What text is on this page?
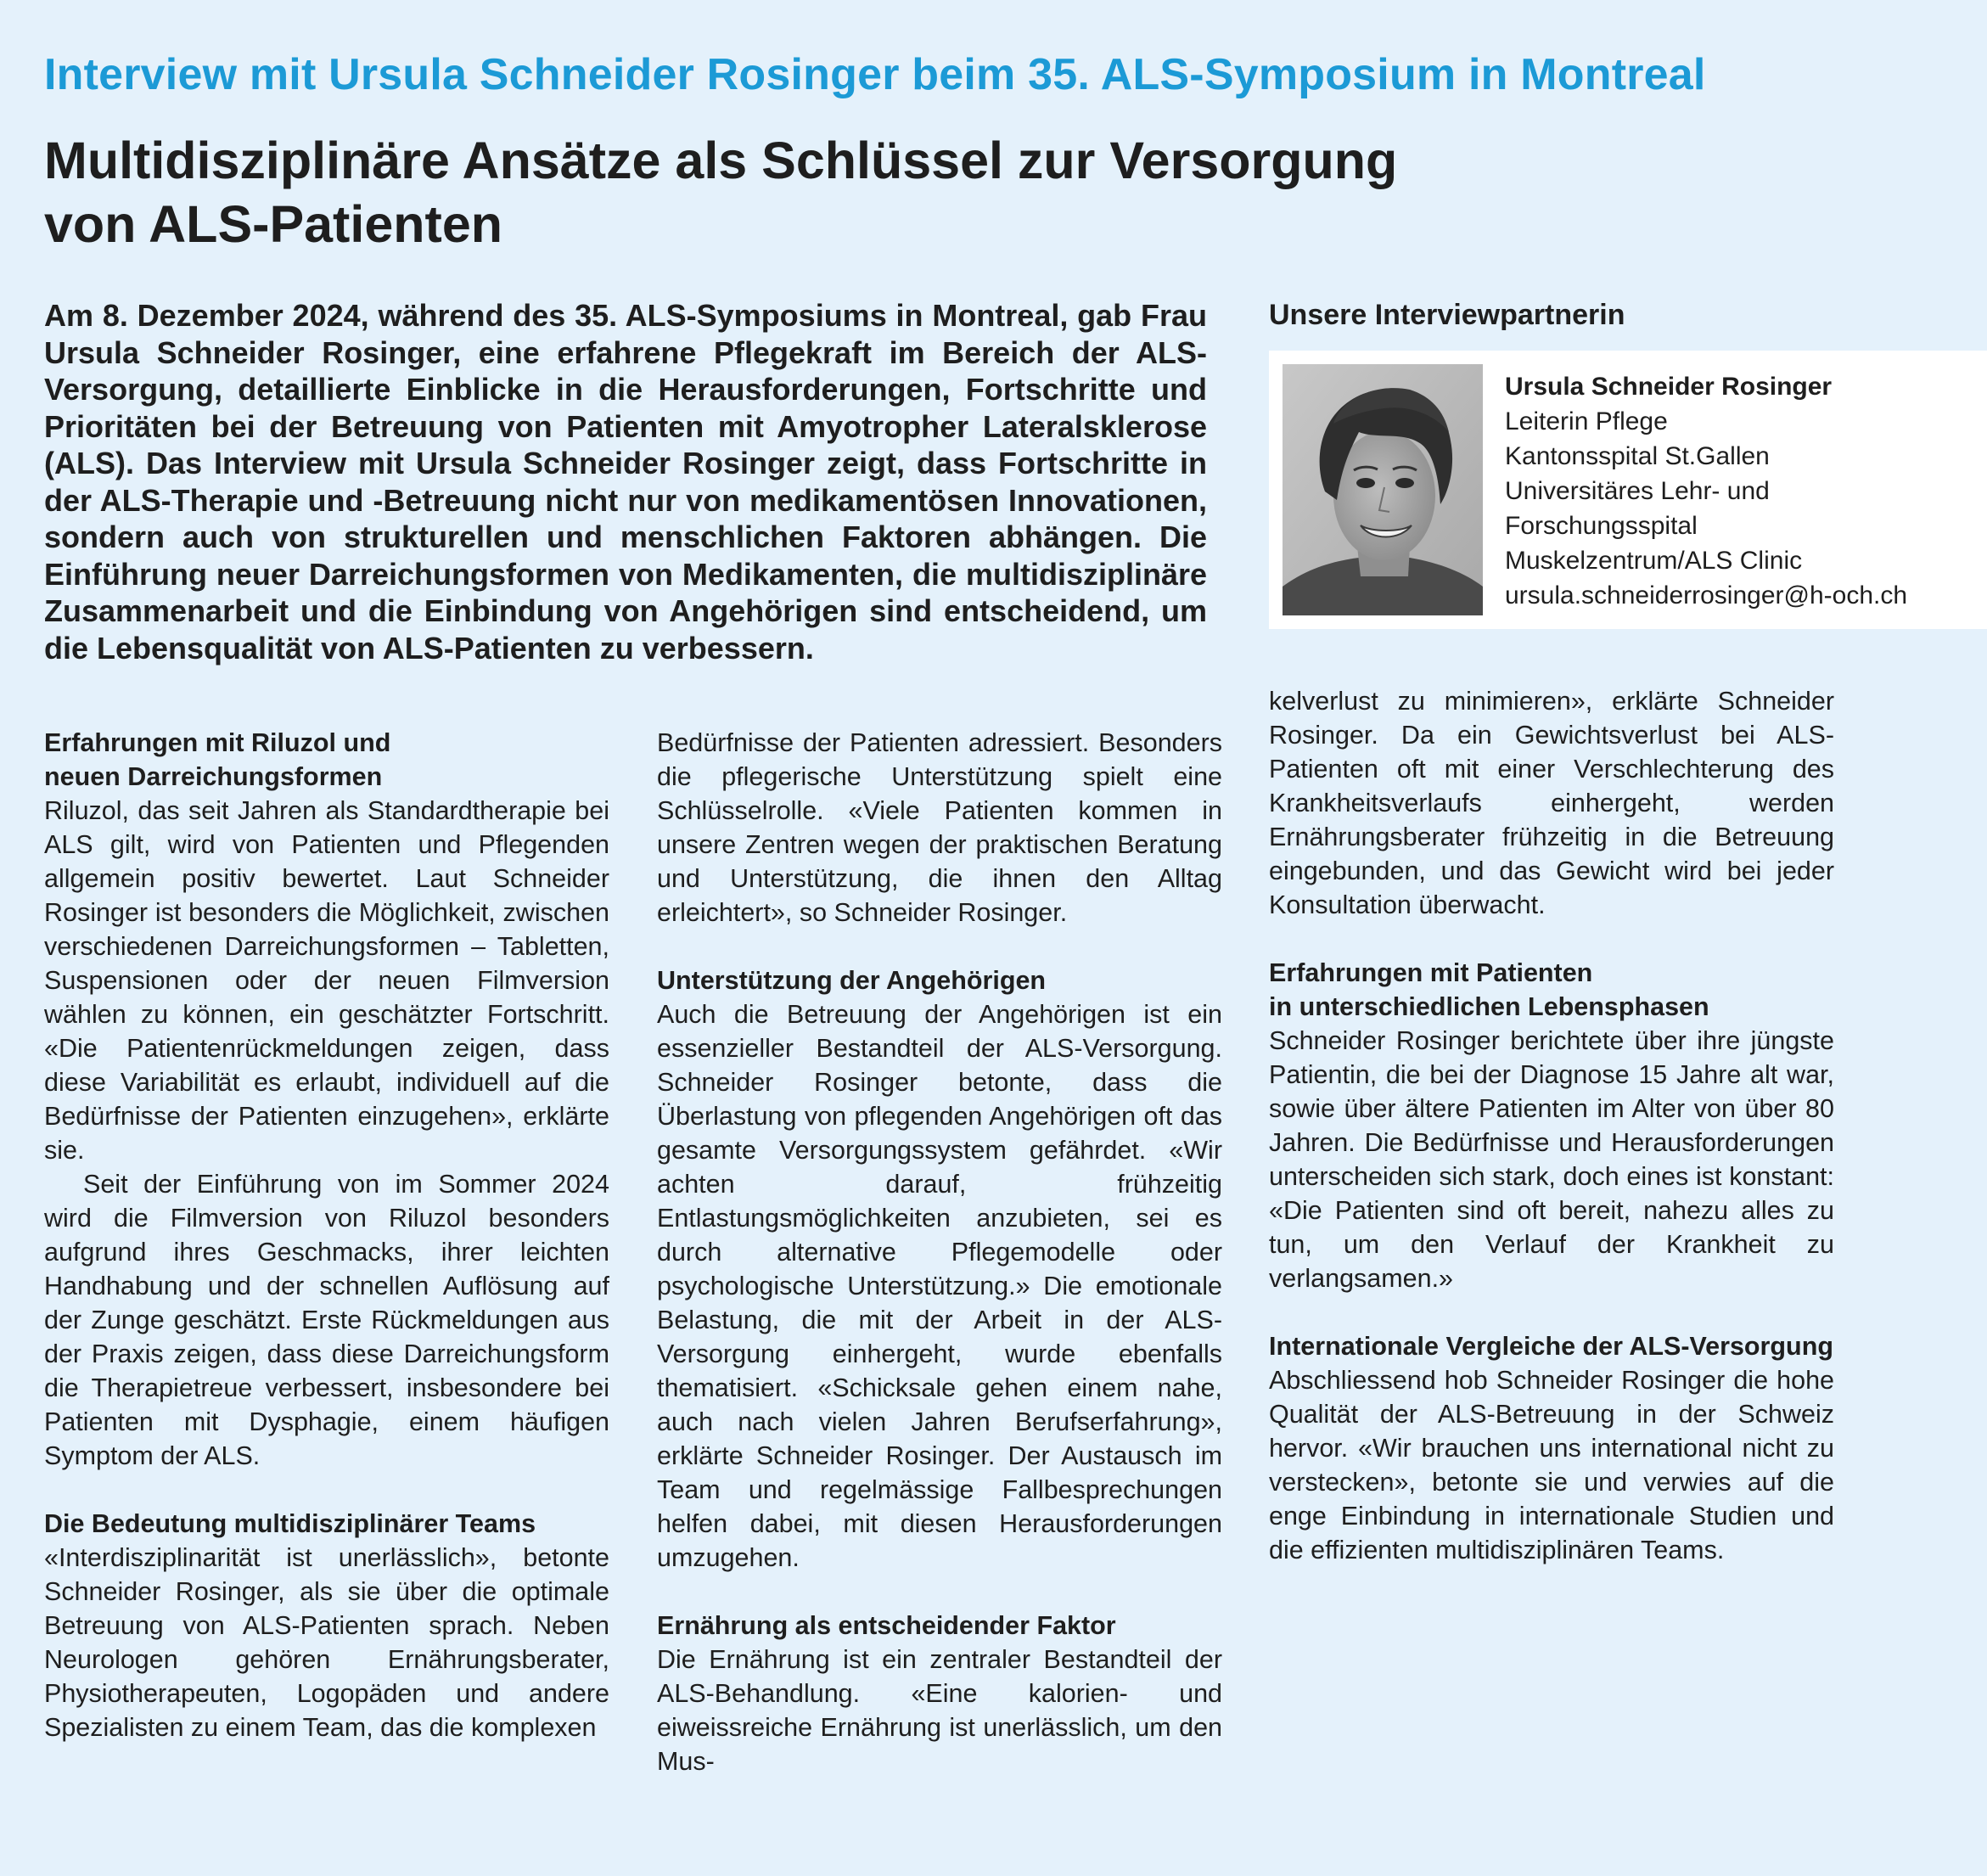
Interview mit Ursula Schneider Rosinger beim 35. ALS-Symposium in Montreal
Multidisziplinäre Ansätze als Schlüssel zur Versorgung
von ALS-Patienten

Am 8. Dezember 2024, während des 35. ALS-Symposiums in Montreal, gab Frau Ursula Schneider Rosinger, eine erfahrene Pflegekraft im Bereich der ALS-Versorgung, detaillierte Einblicke in die Herausforderungen, Fortschritte und Prioritäten bei der Betreuung von Patienten mit Amyotropher Lateralsklerose (ALS). Das Interview mit Ursula Schneider Rosinger zeigt, dass Fortschritte in der ALS-Therapie und -Betreuung nicht nur von medikamentösen Innovationen, sondern auch von strukturellen und menschlichen Faktoren abhängen. Die Einführung neuer Darreichungsformen von Medikamenten, die multidisziplinäre Zusammenarbeit und die Einbindung von Angehörigen sind entscheidend, um die Lebensqualität von ALS-Patienten zu verbessern.

Unsere Interviewpartnerin
Ursula Schneider Rosinger
Leiterin Pflege
Kantonsspital St.Gallen
Universitäres Lehr- und
Forschungsspital
Muskelzentrum/ALS Clinic
ursula.schneiderrosinger@h-och.ch
Erfahrungen mit Riluzol und
neuen Darreichungsformen

Riluzol, das seit Jahren als Standardtherapie bei ALS gilt, wird von Patienten und Pflegenden allgemein positiv bewertet. Laut Schneider Rosinger ist besonders die Möglichkeit, zwischen verschiedenen Darreichungsformen – Tabletten, Suspensionen oder der neuen Filmversion wählen zu können, ein geschätzter Fortschritt. «Die Patientenrückmeldungen zeigen, dass diese Variabilität es erlaubt, individuell auf die Bedürfnisse der Patienten einzugehen», erklärte sie.

Seit der Einführung von im Sommer 2024 wird die Filmversion von Riluzol besonders aufgrund ihres Geschmacks, ihrer leichten Handhabung und der schnellen Auflösung auf der Zunge geschätzt. Erste Rückmeldungen aus der Praxis zeigen, dass diese Darreichungsform die Therapietreue verbessert, insbesondere bei Patienten mit Dysphagie, einem häufigen Symptom der ALS.

Die Bedeutung multidisziplinärer Teams

«Interdisziplinarität ist unerlässlich», betonte Schneider Rosinger, als sie über die optimale Betreuung von ALS-Patienten sprach. Neben Neurologen gehören Ernährungsberater, Physiotherapeuten, Logopäden und andere Spezialisten zu einem Team, das die komplexen

Bedürfnisse der Patienten adressiert. Besonders die pflegerische Unterstützung spielt eine Schlüsselrolle. «Viele Patienten kommen in unsere Zentren wegen der praktischen Beratung und Unterstützung, die ihnen den Alltag erleichtert», so Schneider Rosinger.

Unterstützung der Angehörigen

Auch die Betreuung der Angehörigen ist ein essenzieller Bestandteil der ALS-Versorgung. Schneider Rosinger betonte, dass die Überlastung von pflegenden Angehörigen oft das gesamte Versorgungssystem gefährdet. «Wir achten darauf, frühzeitig Entlastungsmöglichkeiten anzubieten, sei es durch alternative Pflegemodelle oder psychologische Unterstützung.» Die emotionale Belastung, die mit der Arbeit in der ALS-Versorgung einhergeht, wurde ebenfalls thematisiert. «Schicksale gehen einem nahe, auch nach vielen Jahren Berufserfahrung», erklärte Schneider Rosinger. Der Austausch im Team und regelmässige Fallbesprechungen helfen dabei, mit diesen Herausforderungen umzugehen.

Ernährung als entscheidender Faktor

Die Ernährung ist ein zentraler Bestandteil der ALS-Behandlung. «Eine kalorien- und eiweissreiche Ernährung ist unerlässlich, um den Mus-

kelverlust zu minimieren», erklärte Schneider Rosinger. Da ein Gewichtsverlust bei ALS-Patienten oft mit einer Verschlechterung des Krankheitsverlaufs einhergeht, werden Ernährungsberater frühzeitig in die Betreuung eingebunden, und das Gewicht wird bei jeder Konsultation überwacht.

Erfahrungen mit Patienten
in unterschiedlichen Lebensphasen

Schneider Rosinger berichtete über ihre jüngste Patientin, die bei der Diagnose 15 Jahre alt war, sowie über ältere Patienten im Alter von über 80 Jahren. Die Bedürfnisse und Herausforderungen unterscheiden sich stark, doch eines ist konstant: «Die Patienten sind oft bereit, nahezu alles zu tun, um den Verlauf der Krankheit zu verlangsamen.»

Internationale Vergleiche der ALS-Versorgung

Abschliessend hob Schneider Rosinger die hohe Qualität der ALS-Betreuung in der Schweiz hervor. «Wir brauchen uns international nicht zu verstecken», betonte sie und verwies auf die enge Einbindung in internationale Studien und die effizienten multidisziplinären Teams.
